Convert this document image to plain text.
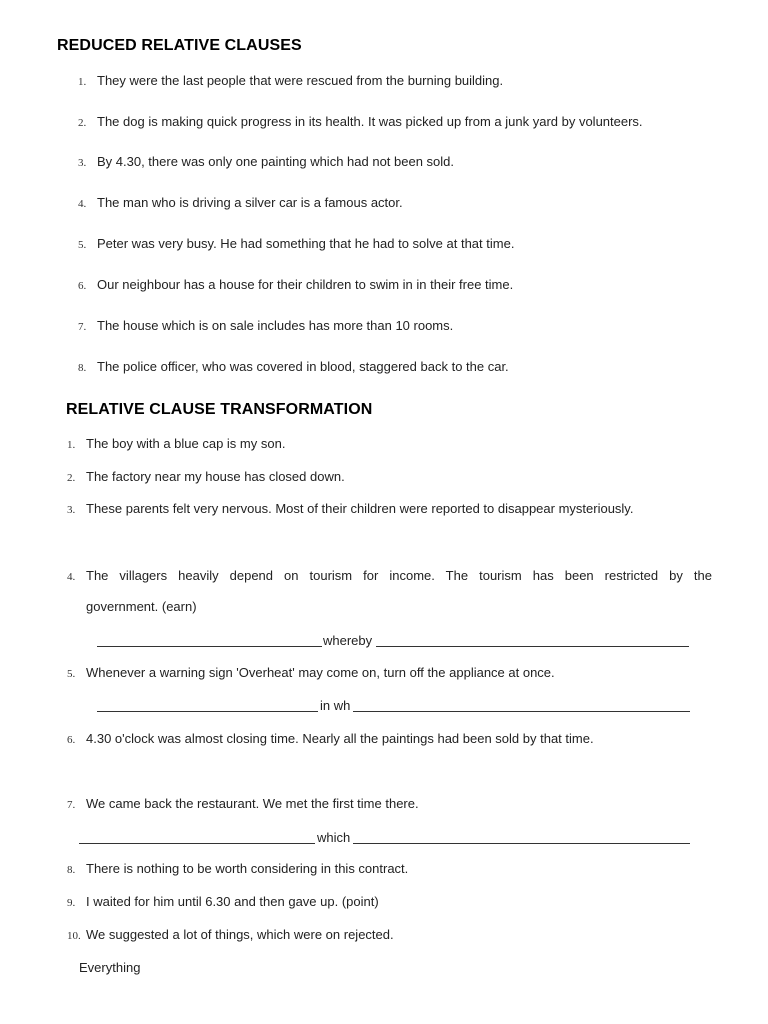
REDUCED RELATIVE CLAUSES
1. They were the last people that were rescued from the burning building.
2. The dog is making quick progress in its health. It was picked up from a junk yard by volunteers.
3. By 4.30, there was only one painting which had not been sold.
4. The man who is driving a silver car is a famous actor.
5. Peter was very busy. He had something that he had to solve at that time.
6. Our neighbour has a house for their children to swim in in their free time.
7. The house which is on sale includes has more than 10 rooms.
8. The police officer, who was covered in blood, staggered back to the car.
RELATIVE CLAUSE TRANSFORMATION
1. The boy with a blue cap is my son.
2. The factory near my house has closed down.
3. These parents felt very nervous. Most of their children were reported to disappear mysteriously.
4. The villagers heavily depend on tourism for income. The tourism has been restricted by the
government. (earn)
whereby
5. Whenever a warning sign 'Overheat' may come on, turn off the appliance at once.
in wh
6. 4.30 o'clock was almost closing time. Nearly all the paintings had been sold by that time.
7. We came back the restaurant. We met the first time there.
which
8. There is nothing to be worth considering in this contract.
9. I waited for him until 6.30 and then gave up. (point)
10. We suggested a lot of things, which were on rejected.
Everything
